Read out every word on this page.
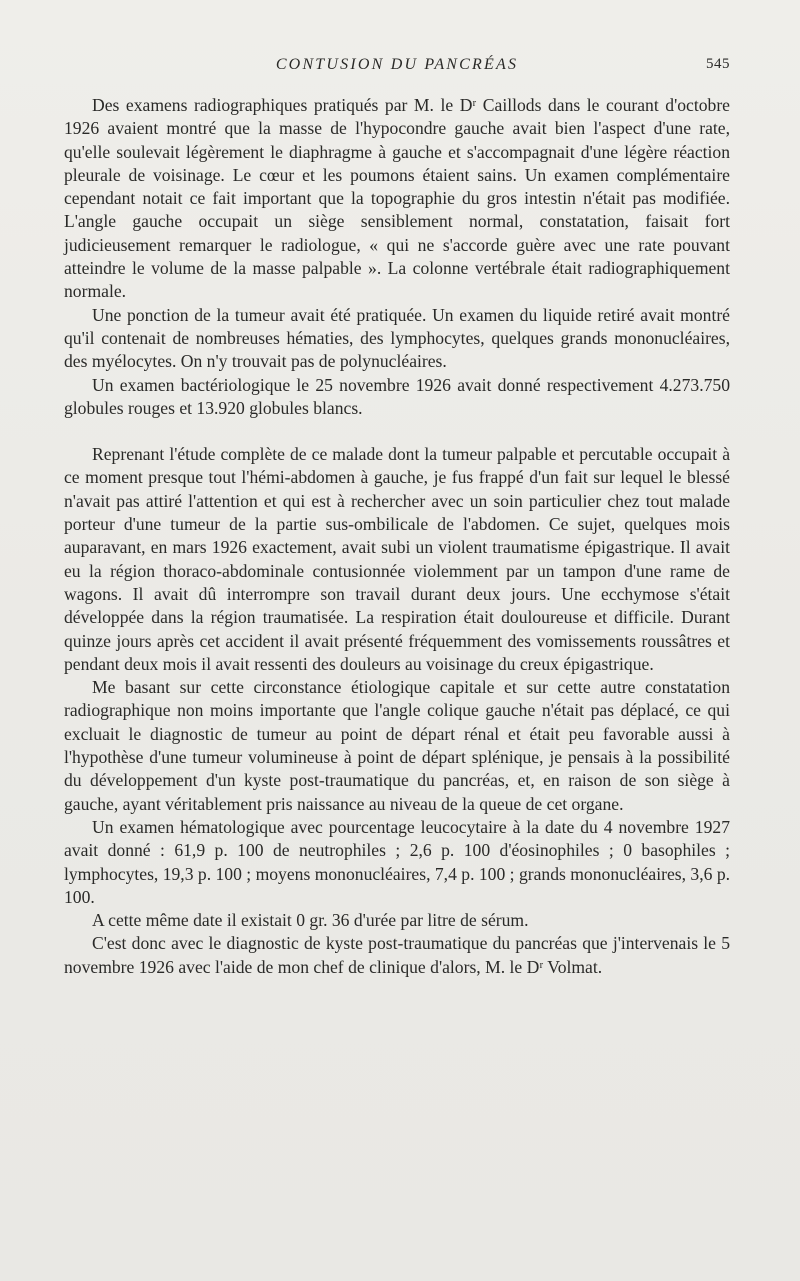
CONTUSION DU PANCRÉAS	545

Des examens radiographiques pratiqués par M. le Dʳ Caillods dans le courant d'octobre 1926 avaient montré que la masse de l'hypocondre gauche avait bien l'aspect d'une rate, qu'elle soulevait légèrement le diaphragme à gauche et s'accompagnait d'une légère réaction pleurale de voisinage. Le cœur et les poumons étaient sains. Un examen complémentaire cependant notait ce fait important que la topographie du gros intestin n'était pas modifiée. L'angle gauche occupait un siège sensiblement normal, constatation, faisait fort judicieusement remarquer le radiologue, « qui ne s'accorde guère avec une rate pouvant atteindre le volume de la masse palpable ». La colonne vertébrale était radiographiquement normale.

Une ponction de la tumeur avait été pratiquée. Un examen du liquide retiré avait montré qu'il contenait de nombreuses hématies, des lymphocytes, quelques grands mononucléaires, des myélocytes. On n'y trouvait pas de polynucléaires.

Un examen bactériologique le 25 novembre 1926 avait donné respectivement 4.273.750 globules rouges et 13.920 globules blancs.

Reprenant l'étude complète de ce malade dont la tumeur palpable et percutable occupait à ce moment presque tout l'hémi-abdomen à gauche, je fus frappé d'un fait sur lequel le blessé n'avait pas attiré l'attention et qui est à rechercher avec un soin particulier chez tout malade porteur d'une tumeur de la partie sus-ombilicale de l'abdomen. Ce sujet, quelques mois auparavant, en mars 1926 exactement, avait subi un violent traumatisme épigastrique. Il avait eu la région thoraco-abdominale contusionnée violemment par un tampon d'une rame de wagons. Il avait dû interrompre son travail durant deux jours. Une ecchymose s'était développée dans la région traumatisée. La respiration était douloureuse et difficile. Durant quinze jours après cet accident il avait présenté fréquemment des vomissements roussâtres et pendant deux mois il avait ressenti des douleurs au voisinage du creux épigastrique.

Me basant sur cette circonstance étiologique capitale et sur cette autre constatation radiographique non moins importante que l'angle colique gauche n'était pas déplacé, ce qui excluait le diagnostic de tumeur au point de départ rénal et était peu favorable aussi à l'hypothèse d'une tumeur volumineuse à point de départ splénique, je pensais à la possibilité du développement d'un kyste post-traumatique du pancréas, et, en raison de son siège à gauche, ayant véritablement pris naissance au niveau de la queue de cet organe.

Un examen hématologique avec pourcentage leucocytaire à la date du 4 novembre 1927 avait donné : 61,9 p. 100 de neutrophiles ; 2,6 p. 100 d'éosinophiles ; 0 basophiles ; lymphocytes, 19,3 p. 100 ; moyens mononucléaires, 7,4 p. 100 ; grands mononucléaires, 3,6 p. 100.

A cette même date il existait 0 gr. 36 d'urée par litre de sérum.

C'est donc avec le diagnostic de kyste post-traumatique du pancréas que j'intervenais le 5 novembre 1926 avec l'aide de mon chef de clinique d'alors, M. le Dʳ Volmat.
